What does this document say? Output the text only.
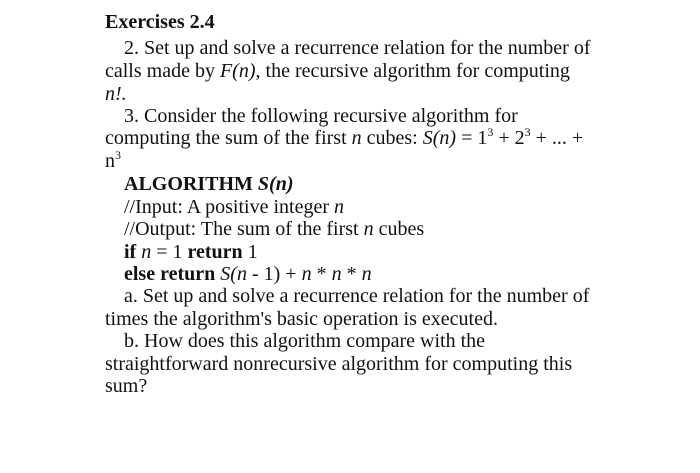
Exercises 2.4
2. Set up and solve a recurrence relation for the number of
calls made by F(n), the recursive algorithm for computing
n!.
3. Consider the following recursive algorithm for
computing the sum of the first n cubes: $S(n) = 1^3 + 2^3$ + ... +
$n^3$
ALGORITHM S(n)
//Input: A positive integer n
//Output: The sum of the first n cubes
if n = 1 return 1
else return S(n - 1) + n * n * n
a. Set up and solve a recurrence relation for the number of
times the algorithm's basic operation is executed.
b. How does this algorithm compare with the
straightforward nonrecursive algorithm for computing this
sum?
